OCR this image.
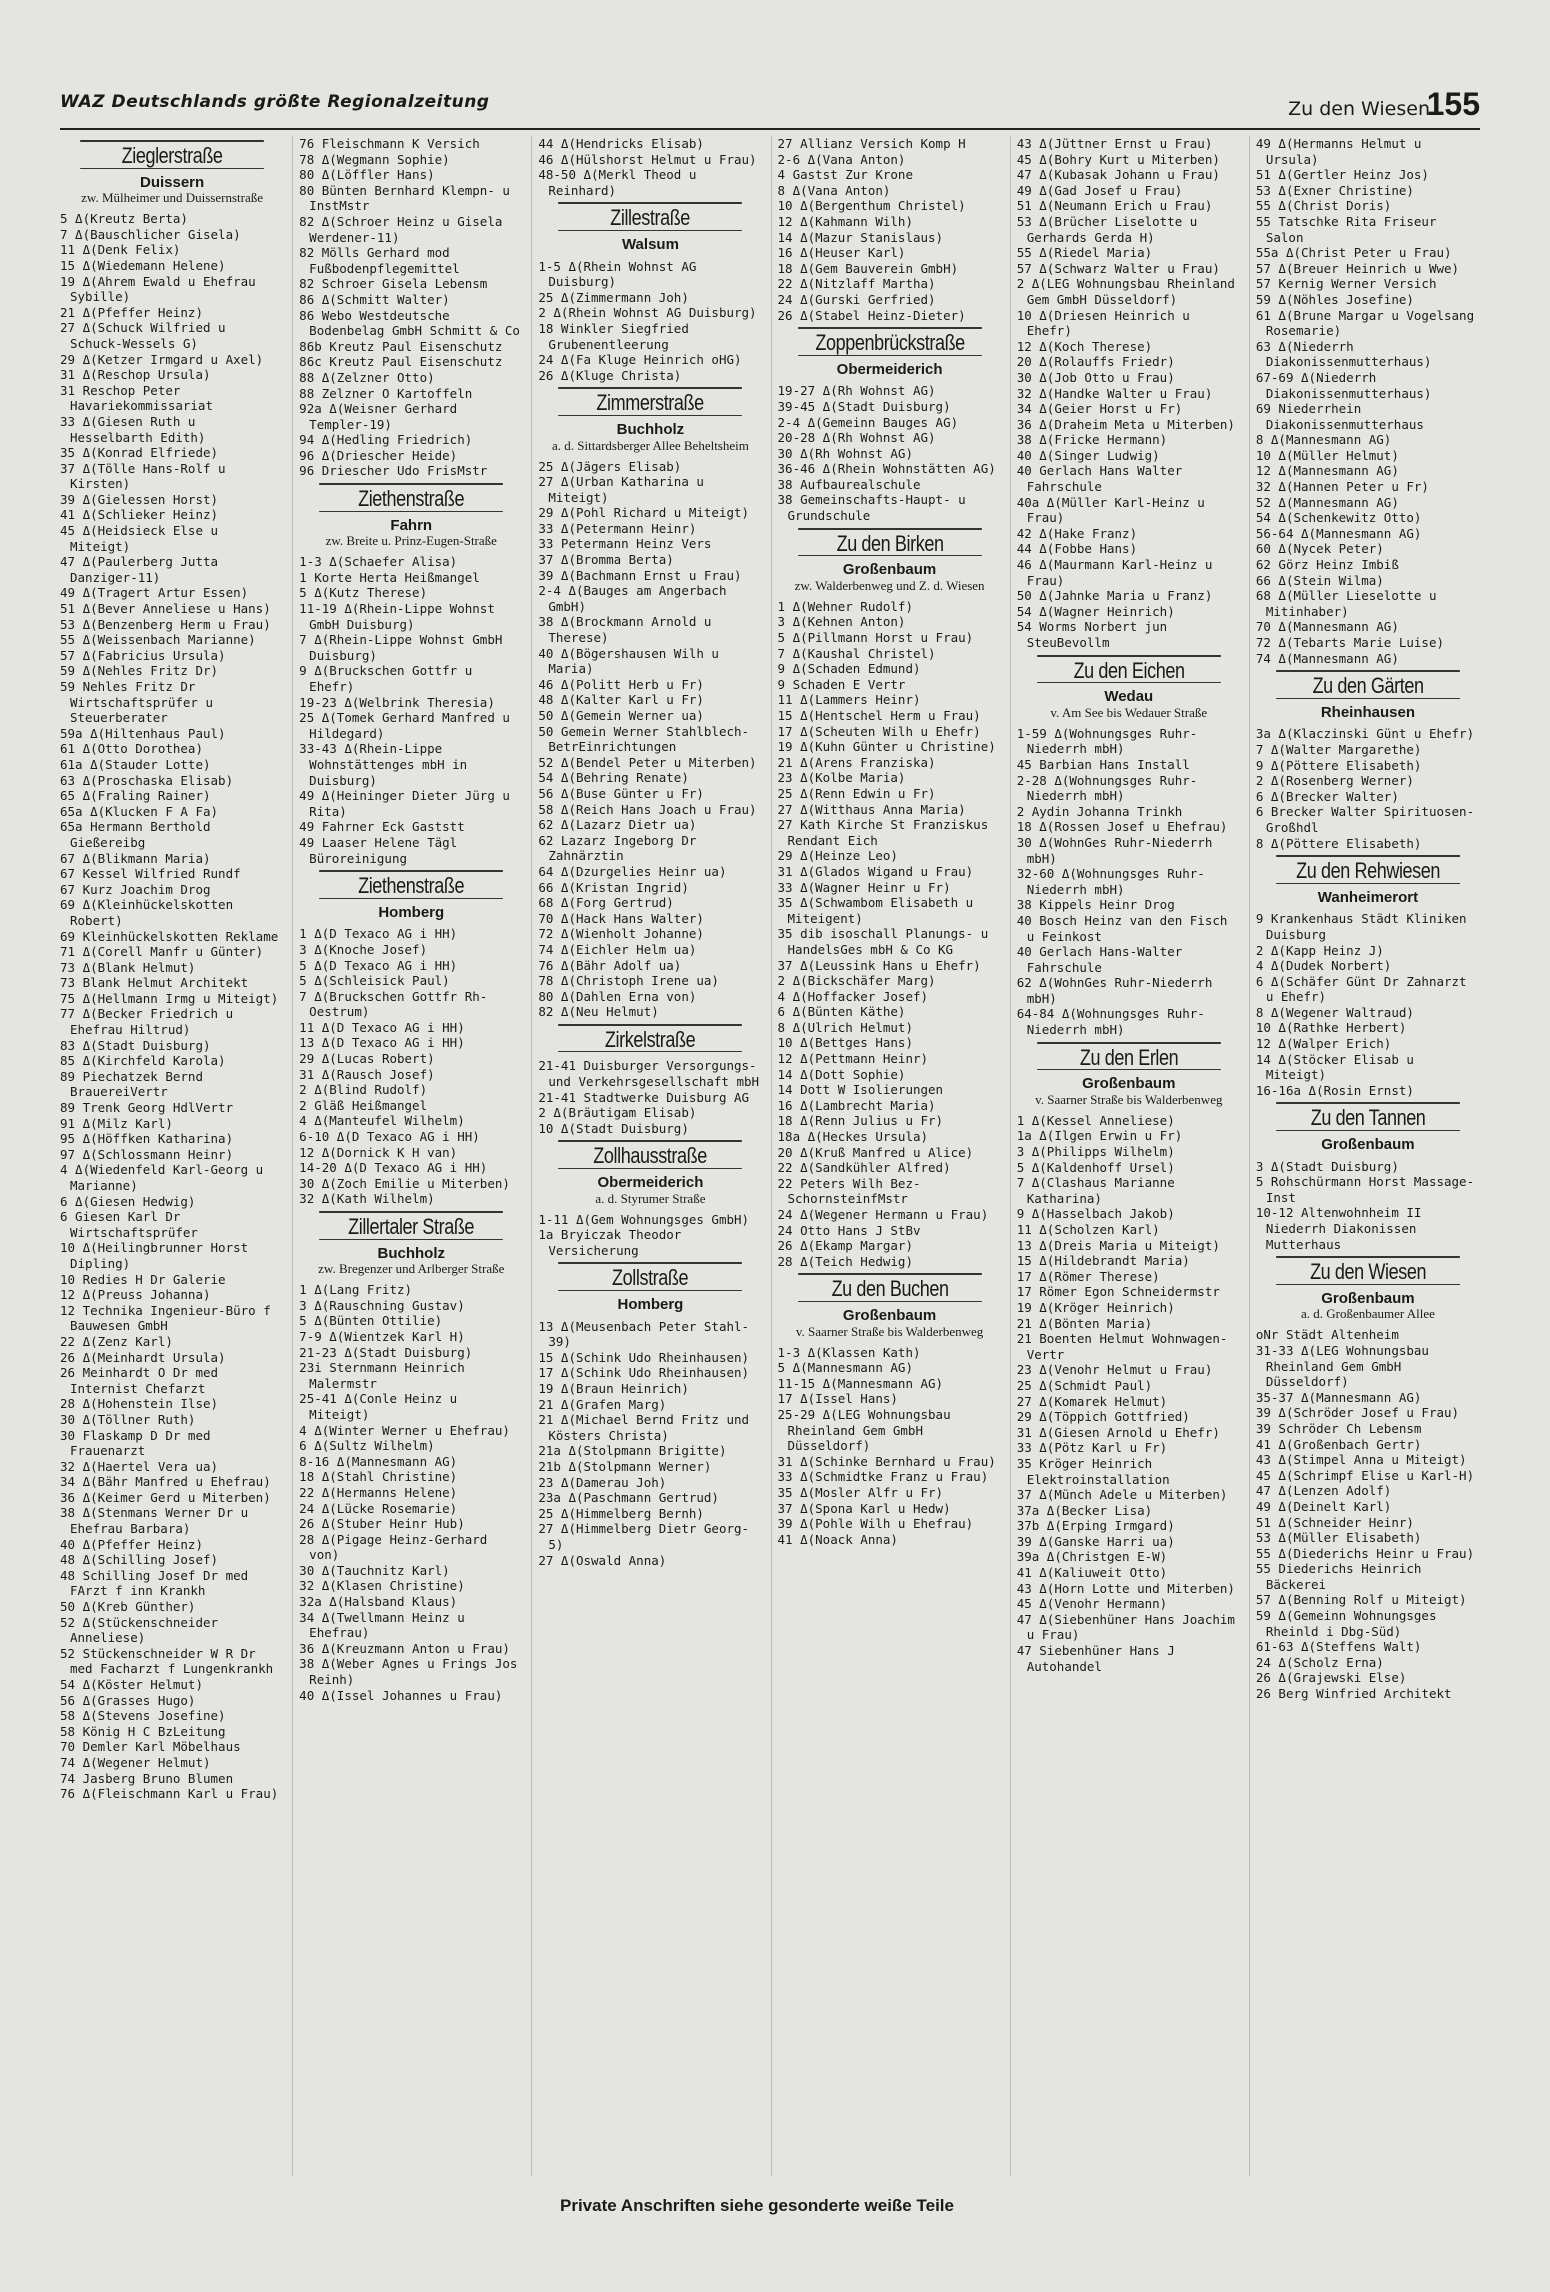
WAZ Deutschlands größte Regionalzeitung	Zu den Wiesen
155
Zieglerstraße
Duissern
zw. Mülheimer und Duissernstraße
5 Δ(Kreutz Berta)
7 Δ(Bauschlicher Gisela)
11 Δ(Denk Felix)
15 Δ(Wiedemann Helene)
19 Δ(Ahrem Ewald u Ehefrau Sybille)
21 Δ(Pfeffer Heinz)
27 Δ(Schuck Wilfried u Schuck-Wessels G)
29 Δ(Ketzer Irmgard u Axel)
31 Δ(Reschop Ursula)
31 Reschop Peter Havariekommissariat
33 Δ(Giesen Ruth u Hesselbarth Edith)
35 Δ(Konrad Elfriede)
37 Δ(Tölle Hans-Rolf u Kirsten)
39 Δ(Gielessen Horst)
41 Δ(Schlieker Heinz)
45 Δ(Heidsieck Else u Miteigt)
47 Δ(Paulerberg Jutta Danziger-11)
49 Δ(Tragert Artur Essen)
51 Δ(Bever Anneliese u Hans)
53 Δ(Benzenberg Herm u Frau)
55 Δ(Weissenbach Marianne)
57 Δ(Fabricius Ursula)
59 Δ(Nehles Fritz Dr)
59 Nehles Fritz Dr Wirtschaftsprüfer u Steuerberater
59a Δ(Hiltenhaus Paul)
61 Δ(Otto Dorothea)
61a Δ(Stauder Lotte)
63 Δ(Proschaska Elisab)
65 Δ(Fraling Rainer)
65a Δ(Klucken F A Fa)
65a Hermann Berthold Gießereibg
67 Δ(Blikmann Maria)
67 Kessel Wilfried Rundf
67 Kurz Joachim Drog
69 Δ(Kleinhückelskotten Robert)
69 Kleinhückelskotten Reklame
71 Δ(Corell Manfr u Günter)
73 Δ(Blank Helmut)
73 Blank Helmut Architekt
75 Δ(Hellmann Irmg u Miteigt)
77 Δ(Becker Friedrich u Ehefrau Hiltrud)
83 Δ(Stadt Duisburg)
85 Δ(Kirchfeld Karola)
89 Piechatzek Bernd BrauereiVertr
89 Trenk Georg HdlVertr
91 Δ(Milz Karl)
95 Δ(Höffken Katharina)
97 Δ(Schlossmann Heinr)
4 Δ(Wiedenfeld Karl-Georg u Marianne)
6 Δ(Giesen Hedwig)
6 Giesen Karl Dr Wirtschaftsprüfer
10 Δ(Heilingbrunner Horst Dipling)
10 Redies H Dr Galerie
12 Δ(Preuss Johanna)
12 Technika Ingenieur-Büro f Bauwesen GmbH
22 Δ(Zenz Karl)
26 Δ(Meinhardt Ursula)
26 Meinhardt O Dr med Internist Chefarzt
28 Δ(Hohenstein Ilse)
30 Δ(Töllner Ruth)
30 Flaskamp D Dr med Frauenarzt
32 Δ(Haertel Vera ua)
34 Δ(Bähr Manfred u Ehefrau)
36 Δ(Keimer Gerd u Miterben)
38 Δ(Stenmans Werner Dr u Ehefrau Barbara)
40 Δ(Pfeffer Heinz)
48 Δ(Schilling Josef)
48 Schilling Josef Dr med FArzt f inn Krankh
50 Δ(Kreb Günther)
52 Δ(Stückenschneider Anneliese)
52 Stückenschneider W R Dr med Facharzt f Lungenkrankh
54 Δ(Köster Helmut)
56 Δ(Grasses Hugo)
58 Δ(Stevens Josefine)
58 König H C BzLeitung
70 Demler Karl Möbelhaus
74 Δ(Wegener Helmut)
74 Jasberg Bruno Blumen
76 Δ(Fleischmann Karl u Frau)
76 Fleischmann K Versich
78 Δ(Wegmann Sophie)
80 Δ(Löffler Hans)
80 Bünten Bernhard Klempn- u InstMstr
82 Δ(Schroer Heinz u Gisela Werdener-11)
82 Mölls Gerhard mod Fußbodenpflegemittel
82 Schroer Gisela Lebensm
86 Δ(Schmitt Walter)
86 Webo Westdeutsche Bodenbelag GmbH Schmitt & Co
86b Kreutz Paul Eisenschutz
86c Kreutz Paul Eisenschutz
88 Δ(Zelzner Otto)
88 Zelzner O Kartoffeln
92a Δ(Weisner Gerhard Templer-19)
94 Δ(Hedling Friedrich)
96 Δ(Driescher Heide)
96 Driescher Udo FrisMstr
Ziethenstraße
Fahrn
zw. Breite u. Prinz-Eugen-Straße
1-3 Δ(Schaefer Alisa)
1 Korte Herta Heißmangel
5 Δ(Kutz Therese)
11-19 Δ(Rhein-Lippe Wohnst GmbH Duisburg)
7 Δ(Rhein-Lippe Wohnst GmbH Duisburg)
9 Δ(Brucksch​en Gottfr u Ehefr)
19-23 Δ(Welbrink Theresia)
25 Δ(Tomek Gerhard Manfred u Hildegard)
33-43 Δ(Rhein-Lippe Wohnstättenges mbH in Duisburg)
49 Δ(Heininger Dieter Jürg u Rita)
49 Fahrner Eck Gaststt
49 Laaser Helene Tägl Büroreinigung
Ziethenstraße
Homberg
1 Δ(D Texaco AG i HH)
3 Δ(Knoche Josef)
5 Δ(D Texaco AG i HH)
5 Δ(Schleisick Paul)
7 Δ(Brucksch​en Gottfr Rh-Oestrum)
11 Δ(D Texaco AG i HH)
13 Δ(D Texaco AG i HH)
29 Δ(Lucas Robert)
31 Δ(Rausch Josef)
2 Δ(Blind Rudolf)
2 Gläß Heißmangel
4 Δ(Manteufel Wilhelm)
6-10 Δ(D Texaco AG i HH)
12 Δ(Dornick K H van)
14-20 Δ(D Texaco AG i HH)
30 Δ(Zoch Emilie u Miterben)
32 Δ(Kath Wilhelm)
Zillertaler Straße
Buchholz
zw. Bregenzer und Arlberger Straße
1 Δ(Lang Fritz)
3 Δ(Rauschning Gustav)
5 Δ(Bünten Ottilie)
7-9 Δ(Wientzek Karl H)
21-23 Δ(Stadt Duisburg)
23i Sternmann Heinrich Malermstr
25-41 Δ(Conle Heinz u Miteigt)
4 Δ(Winter Werner u Ehefrau)
6 Δ(Sultz Wilhelm)
8-16 Δ(Mannesmann AG)
18 Δ(Stahl Christine)
22 Δ(Hermanns Helene)
24 Δ(Lücke Rosemarie)
26 Δ(Stuber Heinr Hub)
28 Δ(Pigage Heinz-Gerhard von)
30 Δ(Tauchnitz Karl)
32 Δ(Klasen Christine)
32a Δ(Halsband Klaus)
34 Δ(Twellmann Heinz u Ehefrau)
36 Δ(Kreuzmann Anton u Frau)
38 Δ(Weber Agnes u Frings Jos Reinh)
40 Δ(Issel Johannes u Frau)
44 Δ(Hendricks Elisab)
46 Δ(Hülshorst Helmut u Frau)
48-50 Δ(Merkl Theod u Reinhard)
Zillestraße
Walsum
1-5 Δ(Rhein Wohnst AG Duisburg)
25 Δ(Zimmermann Joh)
2 Δ(Rhein Wohnst AG Duisburg)
18 Winkler Siegfried Grubenentleerung
24 Δ(Fa Kluge Heinrich oHG)
26 Δ(Kluge Christa)
Zimmerstraße
Buchholz
a. d. Sittardsberger Allee Beheltsheim
25 Δ(Jägers Elisab)
27 Δ(Urban Katharina u Miteigt)
29 Δ(Pohl Richard u Miteigt)
33 Δ(Petermann Heinr)
33 Petermann Heinz Vers
37 Δ(Bromma Berta)
39 Δ(Bachmann Ernst u Frau)
2-4 Δ(Bauges am Angerbach GmbH)
38 Δ(Brockmann Arnold u Therese)
40 Δ(Bögershausen Wilh u Maria)
46 Δ(Politt Herb u Fr)
48 Δ(Kalter Karl u Fr)
50 Δ(Gemein Werner ua)
50 Gemein Werner Stahlblech-BetrEinrichtungen
52 Δ(Bendel Peter u Miterben)
54 Δ(Behring Renate)
56 Δ(Buse Günter u Fr)
58 Δ(Reich Hans Joach u Frau)
62 Δ(Lazarz Dietr ua)
62 Lazarz Ingeborg Dr Zahnärztin
64 Δ(Dzurgelies Heinr ua)
66 Δ(Kristan Ingrid)
68 Δ(Forg Gertrud)
70 Δ(Hack Hans Walter)
72 Δ(Wienholt Johanne)
74 Δ(Eichler Helm ua)
76 Δ(Bähr Adolf ua)
78 Δ(Christoph Irene ua)
80 Δ(Dahlen Erna von)
82 Δ(Neu Helmut)
Zirkelstraße
21-41 Duisburger Versorgungs- und Verkehrsgesellschaft mbH
21-41 Stadtwerke Duisburg AG
2 Δ(Bräutigam Elisab)
10 Δ(Stadt Duisburg)
Zollhausstraße
Obermeiderich
a. d. Styrumer Straße
1-11 Δ(Gem Wohnungsges GmbH)
1a Bryiczak Theodor Versicherung
Zollstraße
Homberg
13 Δ(Meusenbach Peter Stahl-39)
15 Δ(Schink Udo Rheinhausen)
17 Δ(Schink Udo Rheinhausen)
19 Δ(Braun Heinrich)
21 Δ(Grafen Marg)
21 Δ(Michael Bernd Fritz und Kösters Christa)
21a Δ(Stolpmann Brigitte)
21b Δ(Stolpmann Werner)
23 Δ(Damerau Joh)
23a Δ(Paschmann Gertrud)
25 Δ(Himmelberg Bernh)
27 Δ(Himmelberg Dietr Georg-5)
27 Δ(Oswald Anna)
27 Allianz Versich Komp H
2-6 Δ(Vana Anton)
4 Gastst Zur Krone
8 Δ(Vana Anton)
10 Δ(Bergenthum Christel)
12 Δ(Kahmann Wilh)
14 Δ(Mazur Stanislaus)
16 Δ(Heuser Karl)
18 Δ(Gem Bauverein GmbH)
22 Δ(Nitzlaff Martha)
24 Δ(Gurski Gerfried)
26 Δ(Stabel Heinz-Dieter)
Zoppenbrückstraße
Obermeiderich
19-27 Δ(Rh Wohnst AG)
39-45 Δ(Stadt Duisburg)
2-4 Δ(Gemeinn Bauges AG)
20-28 Δ(Rh Wohnst AG)
30 Δ(Rh Wohnst AG)
36-46 Δ(Rhein Wohnstätten AG)
38 Aufbaurealschule
38 Gemeinschafts-Haupt- u Grundschule
Zu den Birken
Großenbaum
zw. Walderbenweg und Z. d. Wiesen
1 Δ(Wehner Rudolf)
3 Δ(Kehnen Anton)
5 Δ(Pillmann Horst u Frau)
7 Δ(Kaushal Christel)
9 Δ(Schaden Edmund)
9 Schaden E Vertr
11 Δ(Lammers Heinr)
15 Δ(Hentschel Herm u Frau)
17 Δ(Scheuten Wilh u Ehefr)
19 Δ(Kuhn Günter u Christine)
21 Δ(Arens Franziska)
23 Δ(Kolbe Maria)
25 Δ(Renn Edwin u Fr)
27 Δ(Witthaus Anna Maria)
27 Kath Kirche St Franziskus Rendant Eich
29 Δ(Heinze Leo)
31 Δ(Glados Wigand u Frau)
33 Δ(Wagner Heinr u Fr)
35 Δ(Schwambom Elisabeth u Miteigent)
35 dib isoschall Planungs- u HandelsGes mbH & Co KG
37 Δ(Leussink Hans u Ehefr)
2 Δ(Bickschäfer Marg)
4 Δ(Hoffacker Josef)
6 Δ(Bünten Käthe)
8 Δ(Ulrich Helmut)
10 Δ(Bettges Hans)
12 Δ(Pettmann Heinr)
14 Δ(Dott Sophie)
14 Dott W Isolierungen
16 Δ(Lambrecht Maria)
18 Δ(Renn Julius u Fr)
18a Δ(Heckes Ursula)
20 Δ(Kruß Manfred u Alice)
22 Δ(Sandkühler Alfred)
22 Peters Wilh Bez-SchornsteinfMstr
24 Δ(Wegener Hermann u Frau)
24 Otto Hans J StBv
26 Δ(Ekamp Margar)
28 Δ(Teich Hedwig)
Zu den Buchen
Großenbaum
v. Saarner Straße bis Walderbenweg
1-3 Δ(Klassen Kath)
5 Δ(Mannesmann AG)
11-15 Δ(Mannesmann AG)
17 Δ(Issel Hans)
25-29 Δ(LEG Wohnungsbau Rheinland Gem GmbH Düsseldorf)
31 Δ(Schinke Bernhard u Frau)
33 Δ(Schmidtke Franz u Frau)
35 Δ(Mosler Alfr u Fr)
37 Δ(Spona Karl u Hedw)
39 Δ(Pohle Wilh u Ehefrau)
41 Δ(Noack Anna)
43 Δ(Jüttner Ernst u Frau)
45 Δ(Bohry Kurt u Miterben)
47 Δ(Kubasak Johann u Frau)
49 Δ(Gad Josef u Frau)
51 Δ(Neumann Erich u Frau)
53 Δ(Brücher Liselotte u Gerhards Gerda H)
55 Δ(Riedel Maria)
57 Δ(Schwarz Walter u Frau)
2 Δ(LEG Wohnungsbau Rheinland Gem GmbH Düsseldorf)
10 Δ(Driesen Heinrich u Ehefr)
12 Δ(Koch Therese)
20 Δ(Rolauffs Friedr)
30 Δ(Job Otto u Frau)
32 Δ(Handke Walter u Frau)
34 Δ(Geier Horst u Fr)
36 Δ(Draheim Meta u Miterben)
38 Δ(Fricke Hermann)
40 Δ(Singer Ludwig)
40 Gerlach Hans Walter Fahrschule
40a Δ(Müller Karl-Heinz u Frau)
42 Δ(Hake Franz)
44 Δ(Fobbe Hans)
46 Δ(Maurmann Karl-Heinz u Frau)
50 Δ(Jahnke Maria u Franz)
54 Δ(Wagner Heinrich)
54 Worms Norbert jun SteuBevollm
Zu den Eichen
Wedau
v. Am See bis Wedauer Straße
1-59 Δ(Wohnungsges Ruhr-Niederrh mbH)
45 Barbian Hans Install
2-28 Δ(Wohnungsges Ruhr-Niederrh mbH)
2 Aydin Johanna Trinkh
18 Δ(Rossen Josef u Ehefrau)
30 Δ(WohnGes Ruhr-Niederrh mbH)
32-60 Δ(Wohnungsges Ruhr-Niederrh mbH)
38 Kippels Heinr Drog
40 Bosch Heinz van den Fisch u Feinkost
40 Gerlach Hans-Walter Fahrschule
62 Δ(WohnGes Ruhr-Niederrh mbH)
64-84 Δ(Wohnungsges Ruhr-Niederrh mbH)
Zu den Erlen
Großenbaum
v. Saarner Straße bis Walderbenweg
1 Δ(Kessel Anneliese)
1a Δ(Ilgen Erwin u Fr)
3 Δ(Philipps Wilhelm)
5 Δ(Kaldenhoff Ursel)
7 Δ(Clashaus Marianne Katharina)
9 Δ(Hasselbach Jakob)
11 Δ(Scholzen Karl)
13 Δ(Dreis Maria u Miteigt)
15 Δ(Hildebrandt Maria)
17 Δ(Römer Therese)
17 Römer Egon Schneidermstr
19 Δ(Kröger Heinrich)
21 Δ(Bönten Maria)
21 Boenten Helmut Wohnwagen-Vertr
23 Δ(Venohr Helmut u Frau)
25 Δ(Schmidt Paul)
27 Δ(Komarek Helmut)
29 Δ(Töppich Gottfried)
31 Δ(Giesen Arnold u Ehefr)
33 Δ(Pötz Karl u Fr)
35 Kröger Heinrich Elektroinstallation
37 Δ(Münch Adele u Miterben)
37a Δ(Becker Lisa)
37b Δ(Erping Irmgard)
39 Δ(Ganske Harri ua)
39a Δ(Christgen E-W)
41 Δ(Kaliuweit Otto)
43 Δ(Horn Lotte und Miterben)
45 Δ(Venohr Hermann)
47 Δ(Siebenhüner Hans Joachim u Frau)
47 Siebenhüner Hans J Autohandel
49 Δ(Hermanns Helmut u Ursula)
51 Δ(Gertler Heinz Jos)
53 Δ(Exner Christine)
55 Δ(Christ Doris)
55 Tatschke Rita Friseur Salon
55a Δ(Christ Peter u Frau)
57 Δ(Breuer Heinrich u Wwe)
57 Kernig Werner Versich
59 Δ(Nöhles Josefine)
61 Δ(Brune Margar u Vogelsang Rosemarie)
63 Δ(Niederrh Diakonissenmutterhaus)
67-69 Δ(Niederrh Diakonissenmutterhaus)
69 Niederrhein Diakonissenmutterhaus
8 Δ(Mannesmann AG)
10 Δ(Müller Helmut)
12 Δ(Mannesmann AG)
32 Δ(Hannen Peter u Fr)
52 Δ(Mannesmann AG)
54 Δ(Schenkewitz Otto)
56-64 Δ(Mannesmann AG)
60 Δ(Nycek Peter)
62 Görz Heinz Imbiß
66 Δ(Stein Wilma)
68 Δ(Müller Lieselotte u Mitinhaber)
70 Δ(Mannesmann AG)
72 Δ(Tebarts Marie Luise)
74 Δ(Mannesmann AG)
Zu den Gärten
Rheinhausen
3a Δ(Klaczinski Günt u Ehefr)
7 Δ(Walter Margarethe)
9 Δ(Pöttere Elisabeth)
2 Δ(Rosenberg Werner)
6 Δ(Brecker Walter)
6 Brecker Walter Spirituosen-Großhdl
8 Δ(Pöttere Elisabeth)
Zu den Rehwiesen
Wanheimerort
9 Krankenhaus Städt Kliniken Duisburg
2 Δ(Kapp Heinz J)
4 Δ(Dudek Norbert)
6 Δ(Schäfer Günt Dr Zahnarzt u Ehefr)
8 Δ(Wegener Waltraud)
10 Δ(Rathke Herbert)
12 Δ(Walper Erich)
14 Δ(Stöcker Elisab u Miteigt)
16-16a Δ(Rosin Ernst)
Zu den Tannen
Großenbaum
3 Δ(Stadt Duisburg)
5 Rohschürmann Horst Massage-Inst
10-12 Altenwohnheim II Niederrh Diakonissen Mutterhaus
Zu den Wiesen
Großenbaum
a. d. Großenbaumer Allee
oNr Städt Altenheim
31-33 Δ(LEG Wohnungsbau Rheinland Gem GmbH Düsseldorf)
35-37 Δ(Mannesmann AG)
39 Δ(Schröder Josef u Frau)
39 Schröder Ch Lebensm
41 Δ(Großenbach Gertr)
43 Δ(Stimpel Anna u Miteigt)
45 Δ(Schrimpf Elise u Karl-H)
47 Δ(Lenzen Adolf)
49 Δ(Deinelt Karl)
51 Δ(Schneider Heinr)
53 Δ(Müller Elisabeth)
55 Δ(Diederichs Heinr u Frau)
55 Diederichs Heinrich Bäckerei
57 Δ(Benning Rolf u Miteigt)
59 Δ(Gemeinn Wohnungsges Rheinld i Dbg-Süd)
61-63 Δ(Steffens Walt)
24 Δ(Scholz Erna)
26 Δ(Grajewski Else)
26 Berg Winfried Architekt
Private Anschriften siehe gesonderte weiße Teile
